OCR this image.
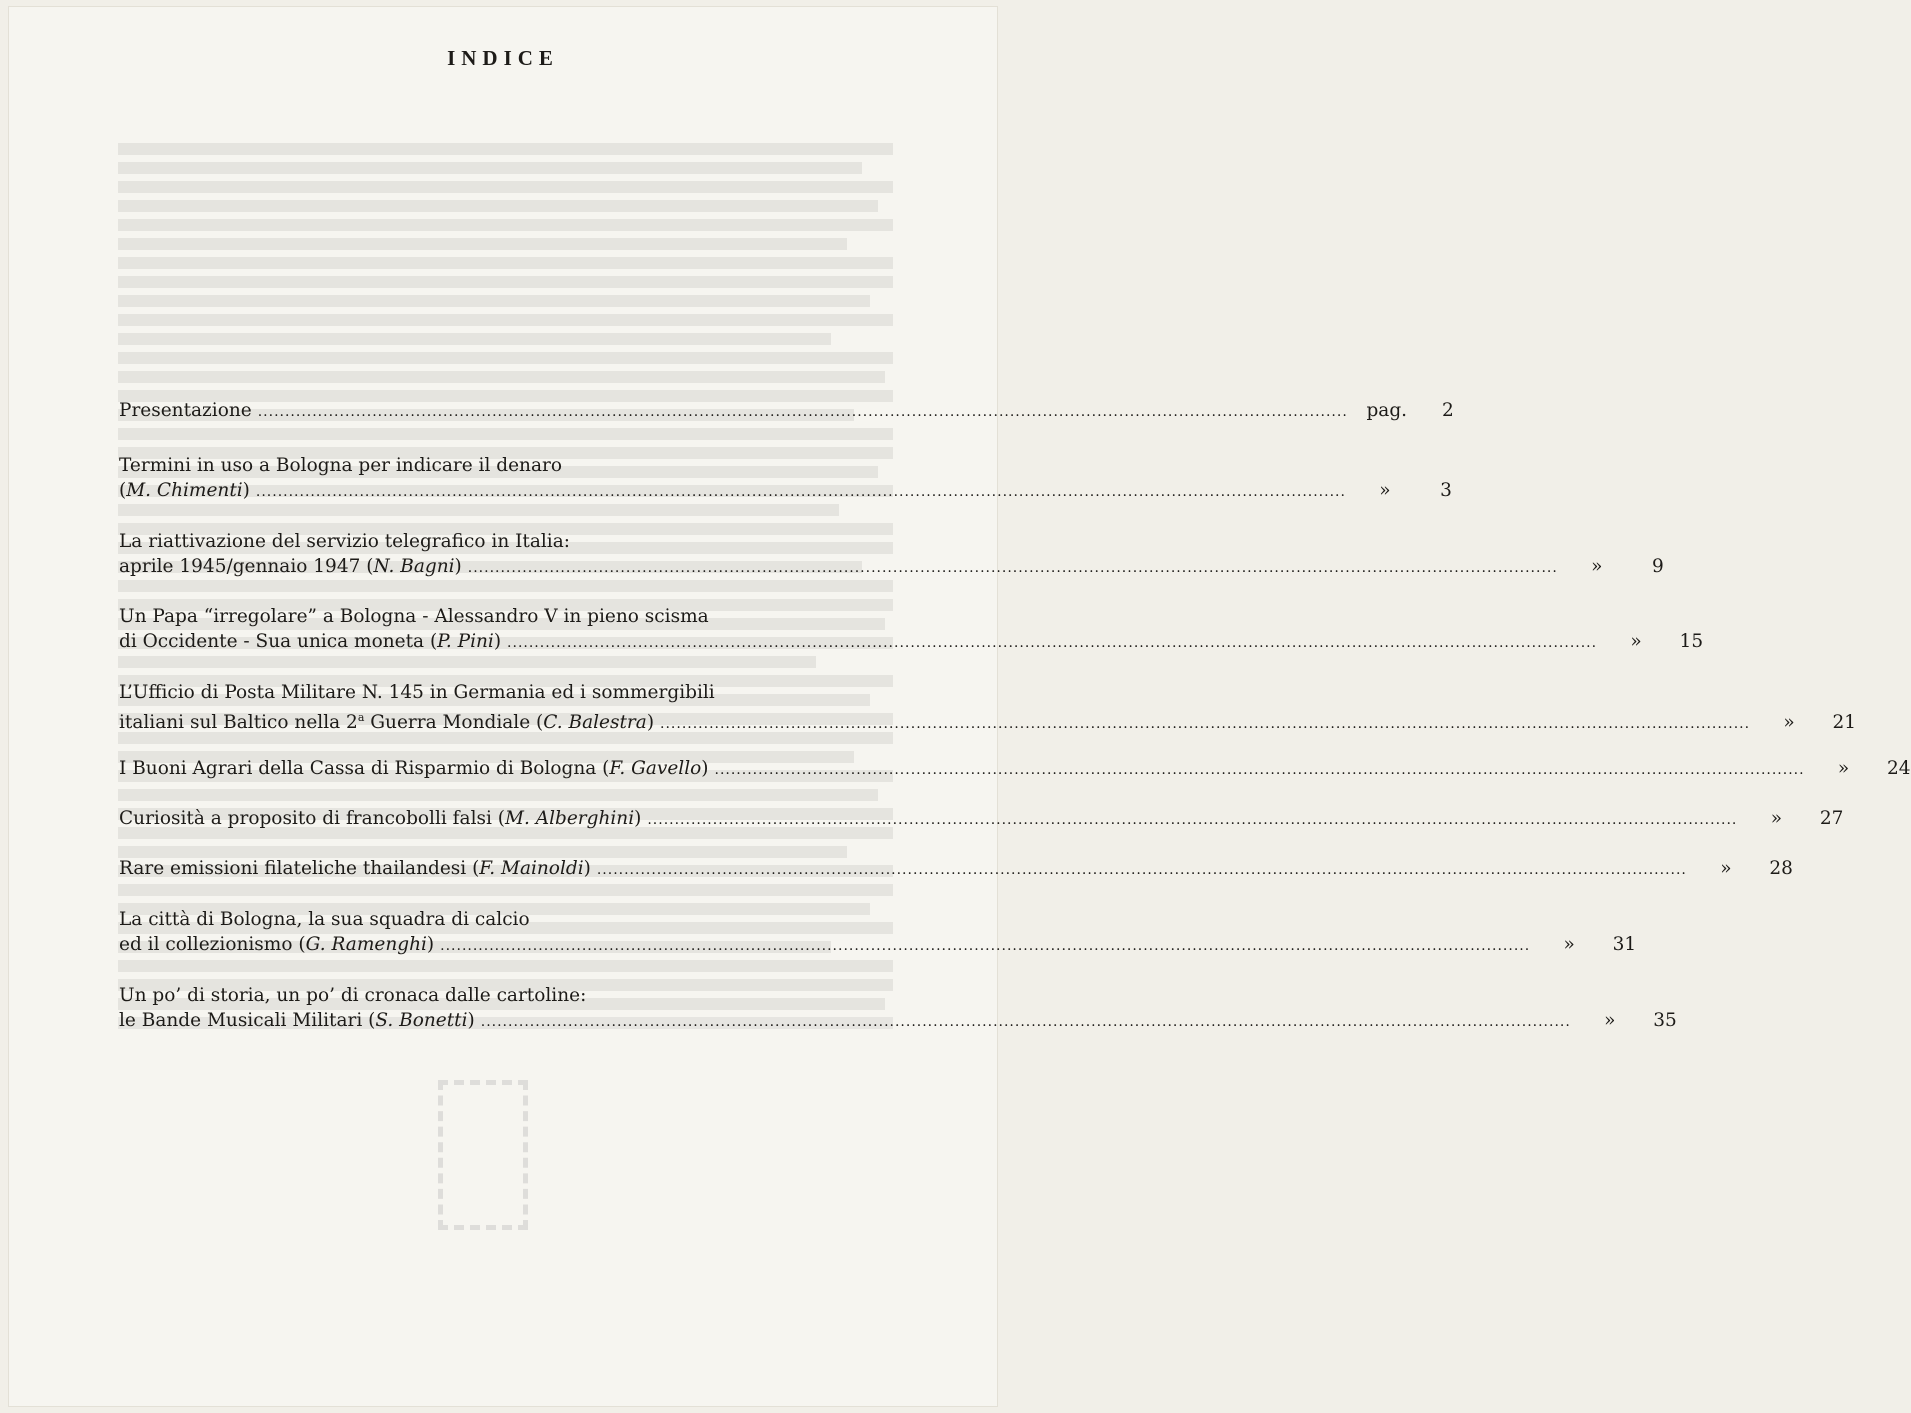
INDICE
Presentazione ........................................................................................................................................................................................................	pag.	2
Termini in uso a Bologna per indicare il denaro
(M. Chimenti) ........................................................................................................................................................................................................	»	3
La riattivazione del servizio telegrafico in Italia:
aprile 1945/gennaio 1947 (N. Bagni) ........................................................................................................................................................................................................	»	9
Un Papa “irregolare” a Bologna - Alessandro V in pieno scisma
di Occidente - Sua unica moneta (P. Pini) ........................................................................................................................................................................................................	»	15
L’Ufficio di Posta Militare N. 145 in Germania ed i sommergibili
italiani sul Baltico nella 2$^a$ Guerra Mondiale (C. Balestra) ........................................................................................................................................................................................................	»	21
I Buoni Agrari della Cassa di Risparmio di Bologna (F. Gavello) ........................................................................................................................................................................................................	»	24
Curiosità a proposito di francobolli falsi (M. Alberghini) ........................................................................................................................................................................................................	»	27
Rare emissioni filateliche thailandesi (F. Mainoldi) ........................................................................................................................................................................................................	»	28
La città di Bologna, la sua squadra di calcio
ed il collezionismo (G. Ramenghi) ........................................................................................................................................................................................................	»	31
Un po’ di storia, un po’ di cronaca dalle cartoline:
le Bande Musicali Militari (S. Bonetti) ........................................................................................................................................................................................................	»	35
